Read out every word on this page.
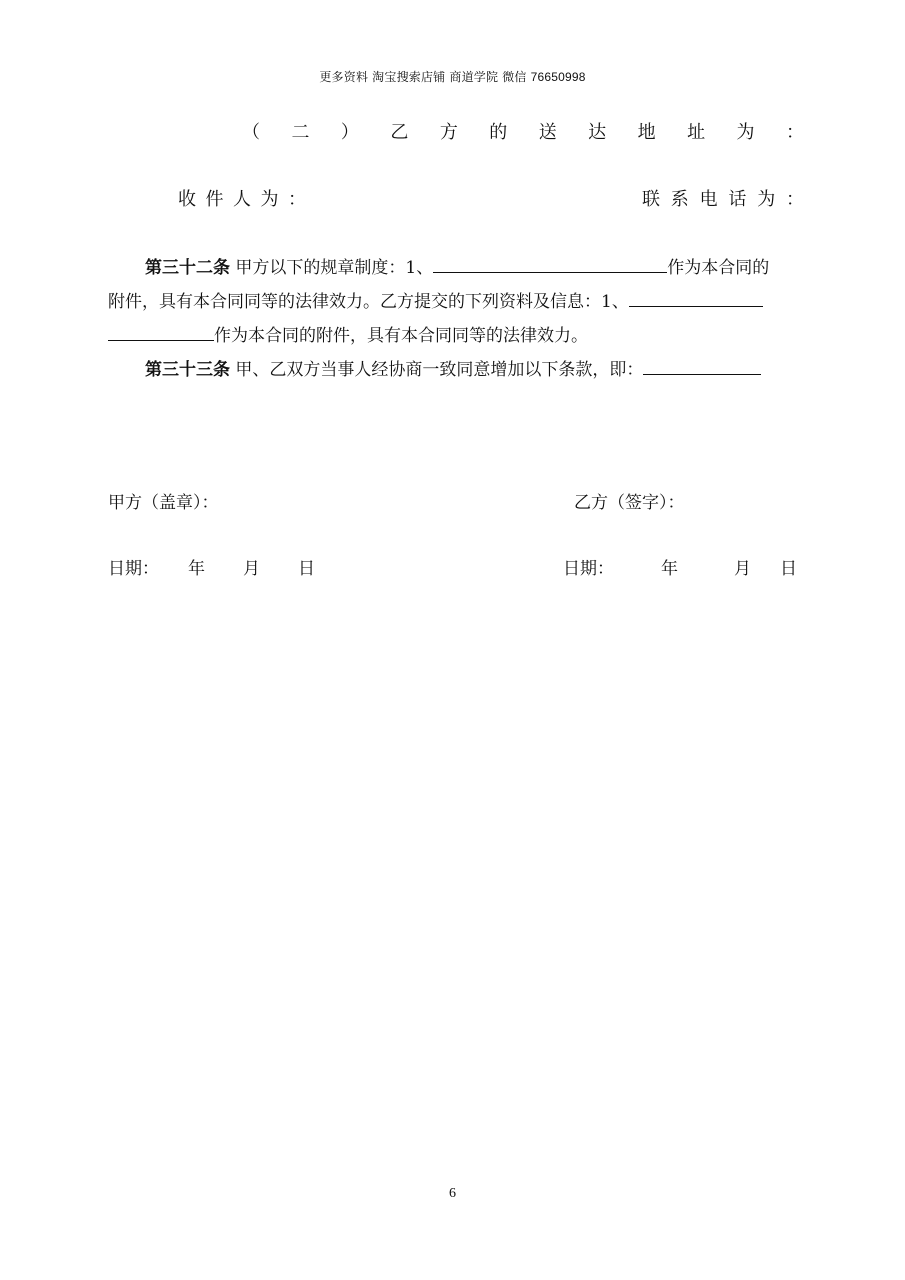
更多资料 淘宝搜索店铺 商道学院 微信 76650998
（ 二 ） 乙 方 的 送 达 地 址 为 ：
收 件 人 为 ：	联 系 电 话 为 ：
第三十二条 甲方以下的规章制度：1、	作为本合同的
附件，具有本合同同等的法律效力。乙方提交的下列资料及信息：1、
作为本合同的附件，具有本合同同等的法律效力。
第三十三条 甲、乙双方当事人经协商一致同意增加以下条款，即：
甲方（盖章）：	乙方（签字）：
日期： 年 月 日	日期：	年	月 日
6
